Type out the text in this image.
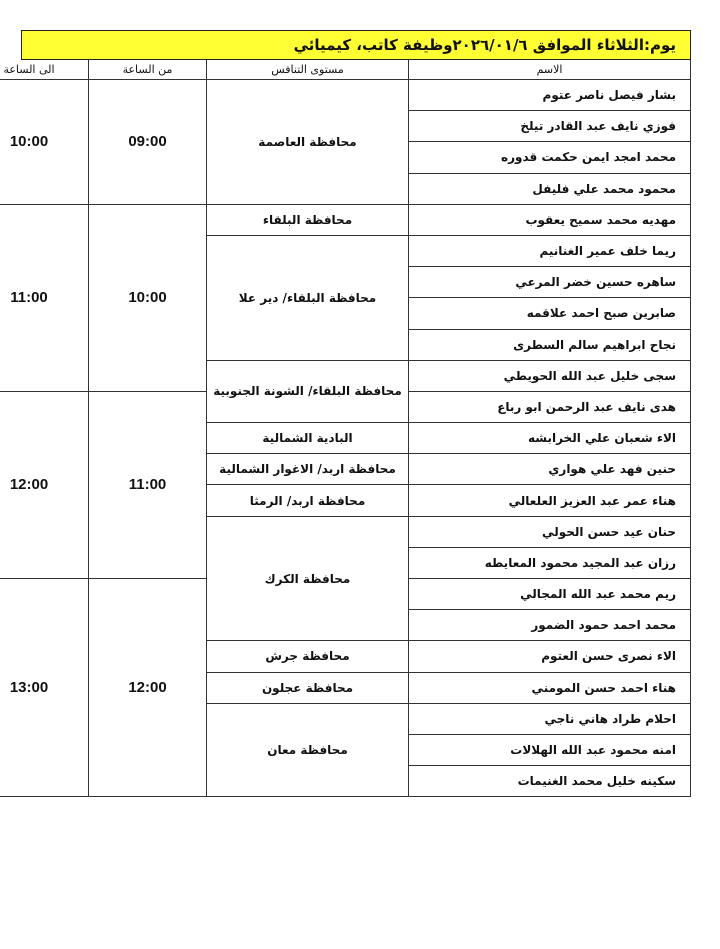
يوم:الثلاثاء الموافق ٢٠٢٦/٠١/٦وظيفة كاتب، كيميائي
الاسم	مستوى التنافس	من الساعة	الى الساعة
بشار فيصل ناصر عتوم	محافظة العاصمة	09:00	10:00
فوزي نايف عبد القادر تيلخ			
محمد امجد ايمن حكمت قدوره			
محمود محمد علي فليفل			
مهديه محمد سميح يعقوب	محافظة البلقاء	10:00	11:00
ريما خلف عمير الغنانيم	محافظة البلقاء/ دير علا		
ساهره حسين خضر المرعي			
صابرين صبح احمد علاقمه			
نجاح ابراهيم سالم السطرى			
سجى خليل عبد الله الحويطي	محافظة البلقاء/ الشونة الجنوبية		
هدى نايف عبد الرحمن ابو رباع		11:00	12:00
الاء شعبان علي الخرابشه	البادية الشمالية		
حنين فهد علي هواري	محافظة اربد/ الاغوار الشمالية		
هناء عمر عبد العزيز العلعالي	محافظة اربد/ الرمثا		
حنان عيد حسن الحولي	محافظة الكرك		
رزان عبد المجيد محمود المعايطه			
ريم محمد عبد الله المجالي		12:00	13:00
محمد احمد حمود الضمور			
الاء نصرى حسن العتوم	محافظة جرش		
هناء احمد حسن المومني	محافظة عجلون		
احلام طراد هاني ناجي	محافظة معان		
امنه محمود عبد الله الهلالات			
سكينه خليل محمد الغنيمات			
